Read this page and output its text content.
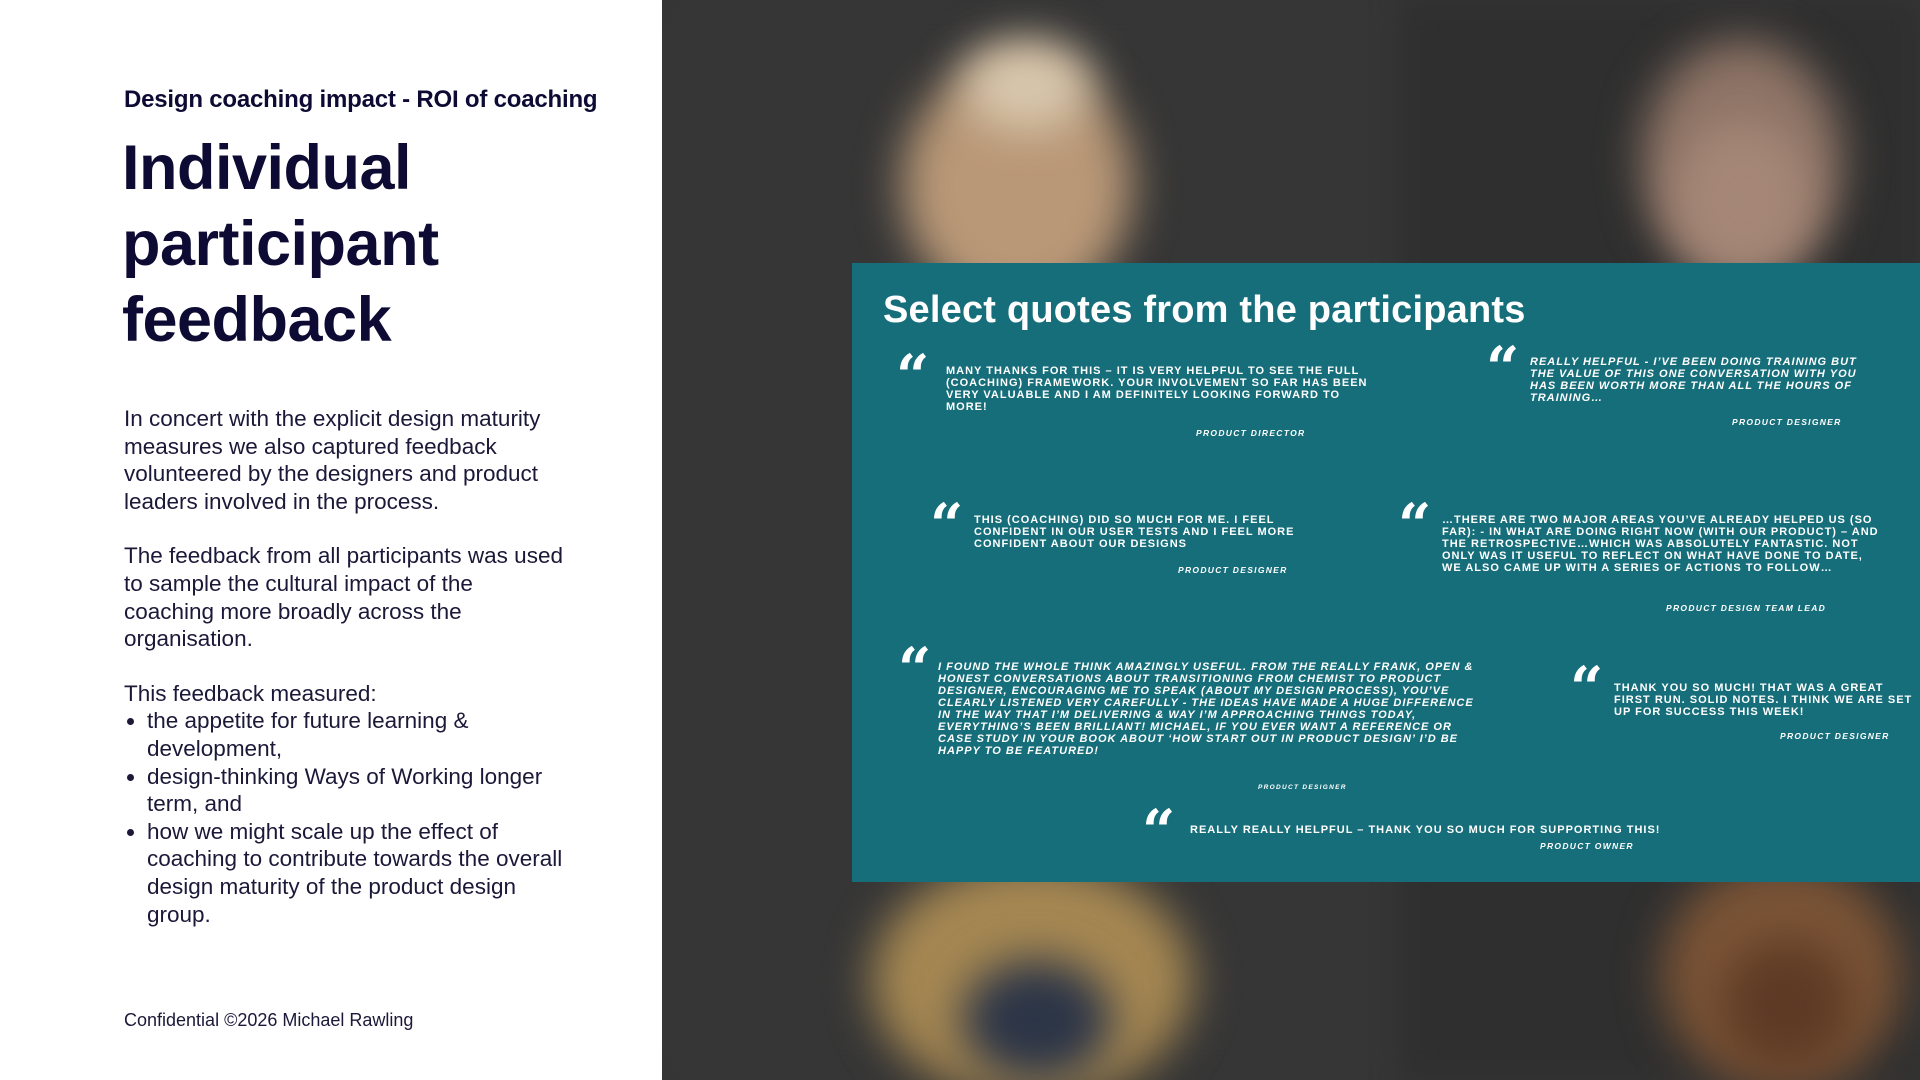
Design coaching impact - ROI of coaching
Individual participant feedback

In concert with the explicit design maturity measures we also captured feedback volunteered by the designers and product leaders involved in the process.

The feedback from all participants was used to sample the cultural impact of the coaching more broadly across the organisation.

This feedback measured:

• the appetite for future learning & development,
• design-thinking Ways of Working longer term, and
• how we might scale up the effect of coaching to contribute towards the overall design maturity of the product design group.
Confidential ©2026 Michael Rawling
Select quotes from the participants
“ MANY THANKS FOR THIS – IT IS VERY HELPFUL TO SEE THE FULL (COACHING) FRAMEWORK. YOUR INVOLVEMENT SO FAR HAS BEEN VERY VALUABLE AND I AM DEFINITELY LOOKING FORWARD TO MORE!
PRODUCT DIRECTOR
“ REALLY HELPFUL - I’VE BEEN DOING TRAINING BUT THE VALUE OF THIS ONE CONVERSATION WITH YOU HAS BEEN WORTH MORE THAN ALL THE HOURS OF TRAINING…
PRODUCT DESIGNER
“ THIS (COACHING) DID SO MUCH FOR ME. I FEEL CONFIDENT IN OUR USER TESTS AND I FEEL MORE CONFIDENT ABOUT OUR DESIGNS
PRODUCT DESIGNER
“ …THERE ARE TWO MAJOR AREAS YOU’VE ALREADY HELPED US (SO FAR): - IN WHAT ARE DOING RIGHT NOW (WITH OUR PRODUCT) – AND THE RETROSPECTIVE…WHICH WAS ABSOLUTELY FANTASTIC. NOT ONLY WAS IT USEFUL TO REFLECT ON WHAT HAVE DONE TO DATE, WE ALSO CAME UP WITH A SERIES OF ACTIONS TO FOLLOW…
PRODUCT DESIGN TEAM LEAD
“ I FOUND THE WHOLE THINK AMAZINGLY USEFUL. FROM THE REALLY FRANK, OPEN & HONEST CONVERSATIONS ABOUT TRANSITIONING FROM CHEMIST TO PRODUCT DESIGNER, ENCOURAGING ME TO SPEAK (ABOUT MY DESIGN PROCESS), YOU’VE CLEARLY LISTENED VERY CAREFULLY - THE IDEAS HAVE MADE A HUGE DIFFERENCE IN THE WAY THAT I’M DELIVERING & WAY I’M APPROACHING THINGS TODAY, EVERYTHING’S BEEN BRILLIANT! MICHAEL, IF YOU EVER WANT A REFERENCE OR CASE STUDY IN YOUR BOOK ABOUT ‘HOW START OUT IN PRODUCT DESIGN’ I’D BE HAPPY TO BE FEATURED!
PRODUCT DESIGNER
“ THANK YOU SO MUCH! THAT WAS A GREAT FIRST RUN. SOLID NOTES. I THINK WE ARE SET UP FOR SUCCESS THIS WEEK!
PRODUCT DESIGNER
“ REALLY REALLY HELPFUL – THANK YOU SO MUCH FOR SUPPORTING THIS!
PRODUCT OWNER
